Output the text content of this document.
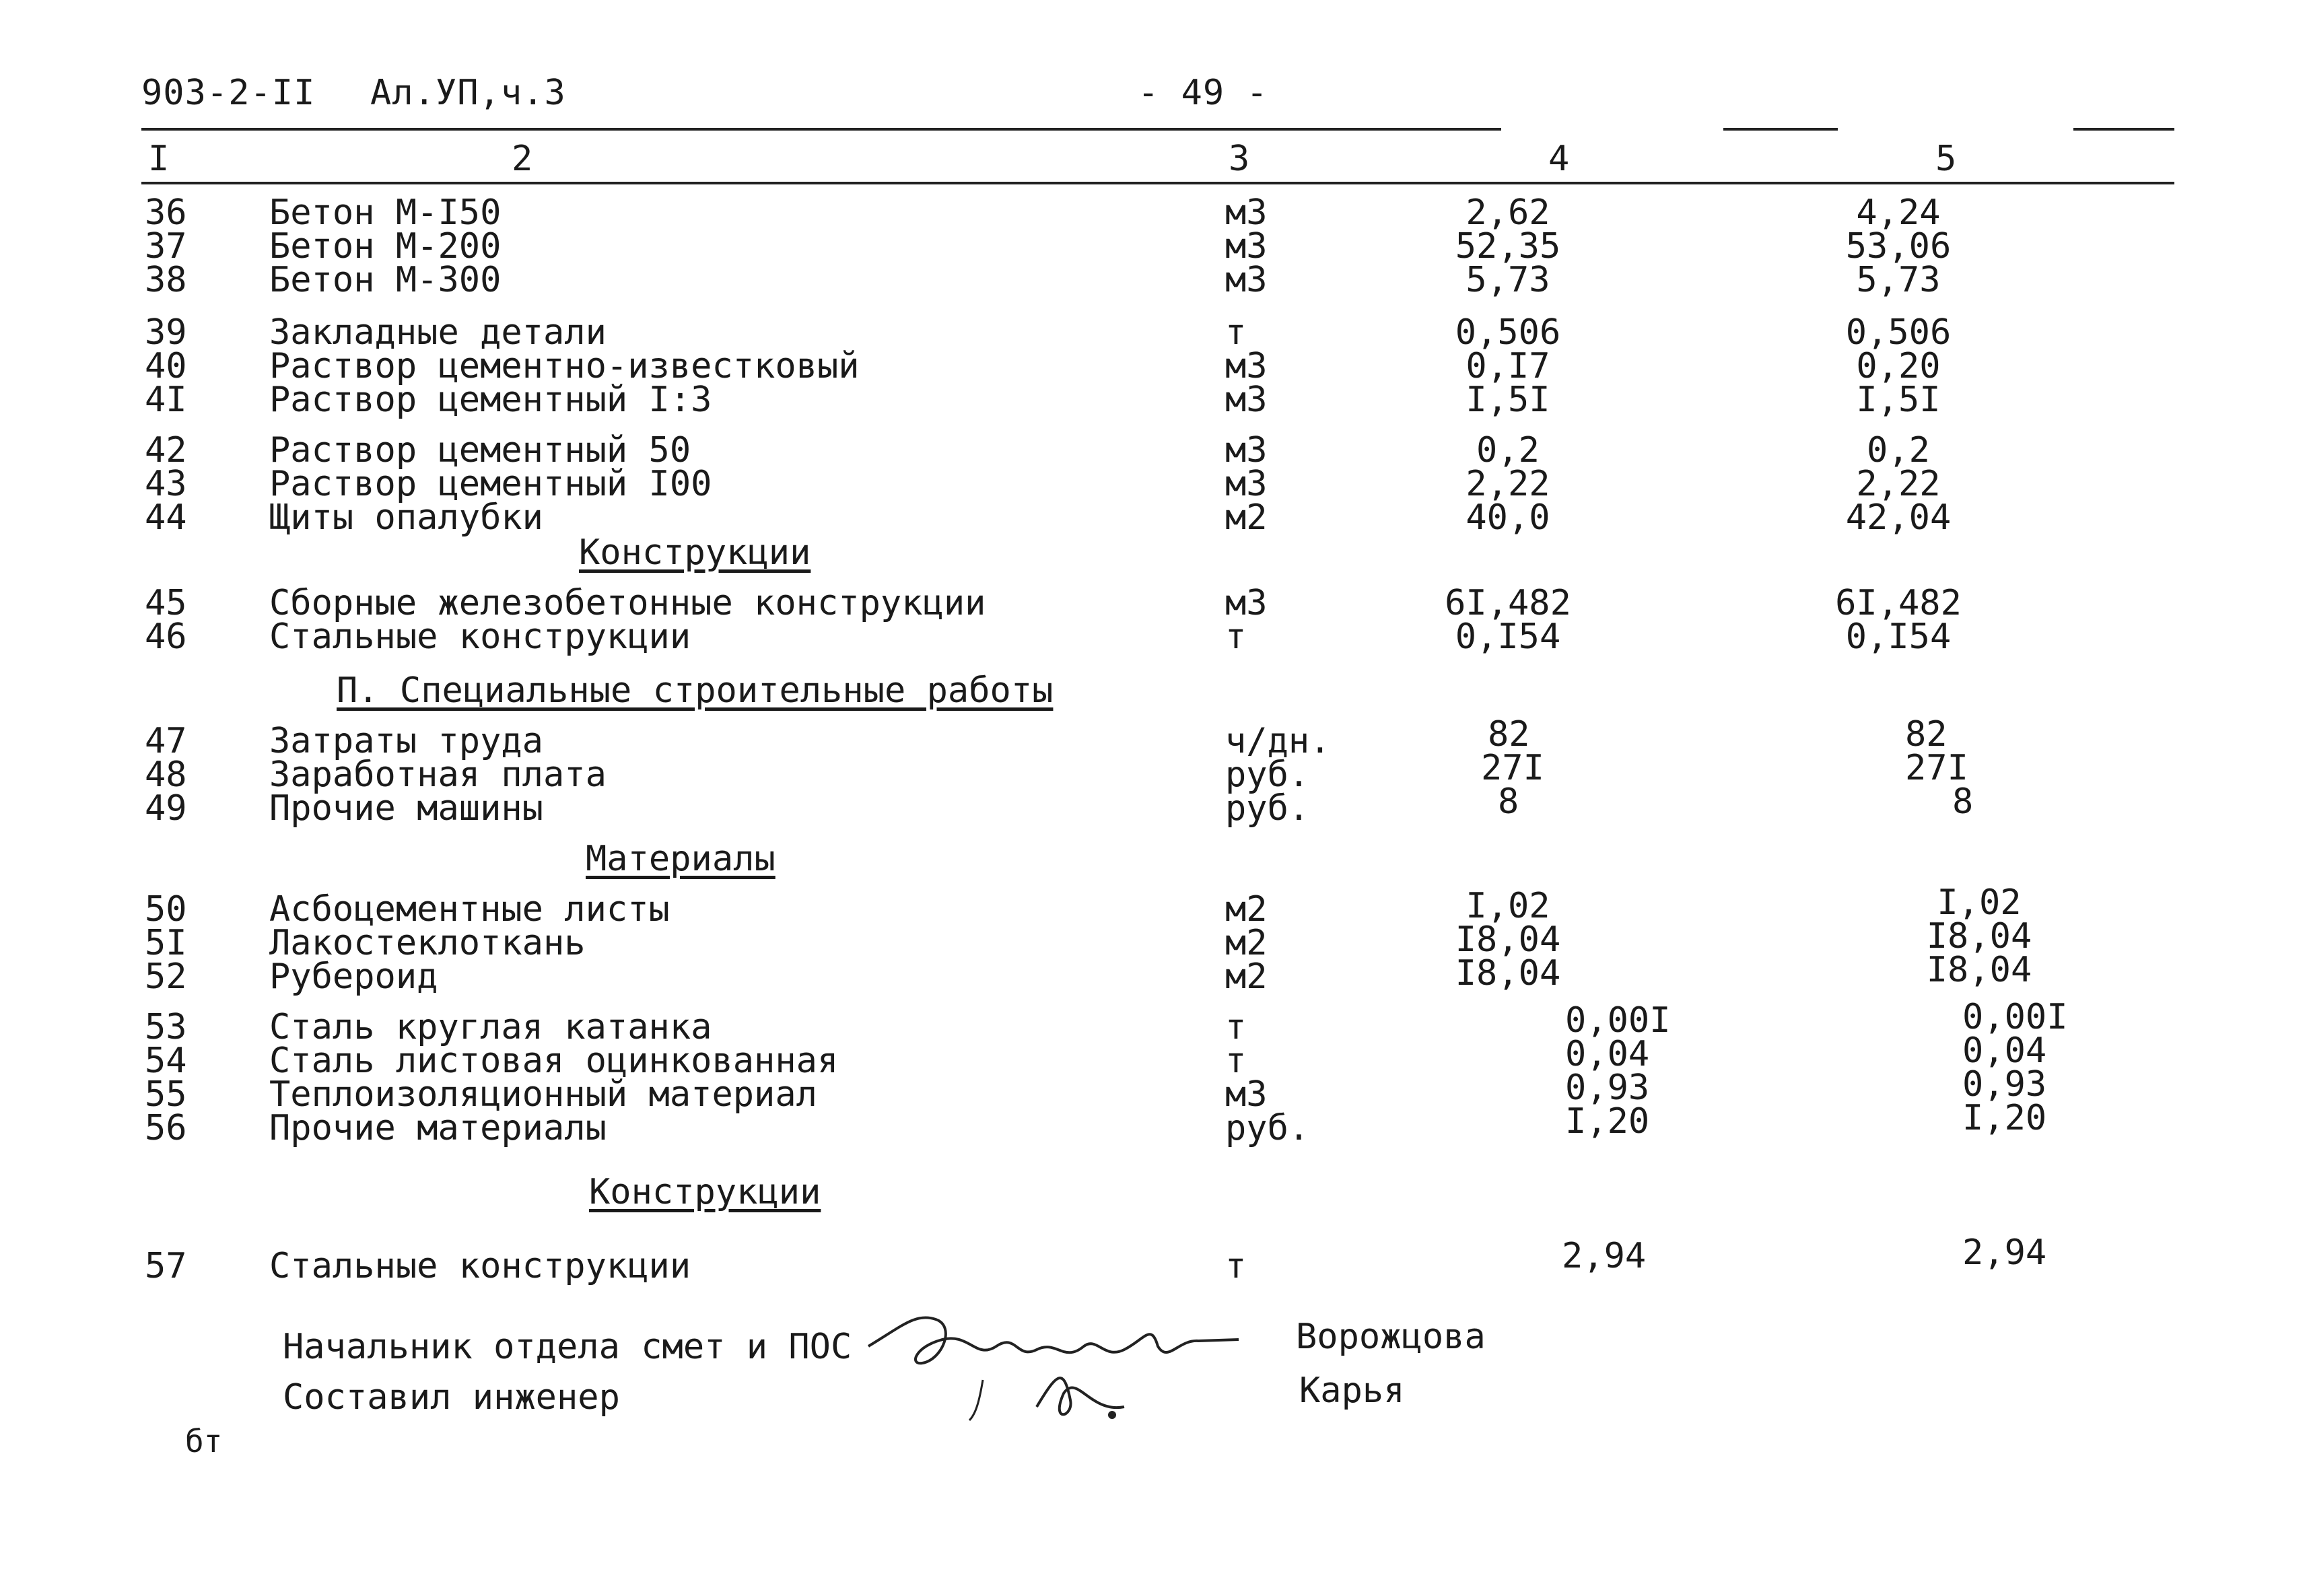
903-2-II Ал.УП,ч.3	- 49 -
I	2	3	4	5
36 Бетон М-I50	м3	2,62	4,24
37 Бетон М-200	м3	52,35	53,06
38 Бетон М-300	м3	5,73	5,73
39 Закладные детали	т	0,506	0,506
40 Раствор цементно-известковый	м3	0,I7	0,20
4I Раствор цементный I:3	м3	I,5I	I,5I
42 Раствор цементный 50	м3	0,2	0,2
43 Раствор цементный I00	м3	2,22	2,22
44 Щиты опалубки	м2	40,0	42,04
Конструкции
45 Сборные железобетонные конструкции	м3	6I,482	6I,482
46 Стальные конструкции	т	0,I54	0,I54
П. Специальные строительные работы
47 Затраты труда	ч/дн.	82	82
48 Заработная плата	руб.	27I	27I
49 Прочие машины	руб.	8	8
Материалы
50 Асбоцементные листы	м2	I,02	I,02
5I Лакостеклоткань	м2	I8,04	I8,04
52 Рубероид	м2	I8,04	I8,04
53 Сталь круглая катанка	т	0,00I	0,00I
54 Сталь листовая оцинкованная	т	0,04	0,04
55 Теплоизоляционный материал	м3	0,93	0,93
56 Прочие материалы	руб.	I,20	I,20
Конструкции
57 Стальные конструкции	т	2,94	2,94
Начальник отдела смет и ПОС	Ворожцова
Составил инженер	Карья
бт
